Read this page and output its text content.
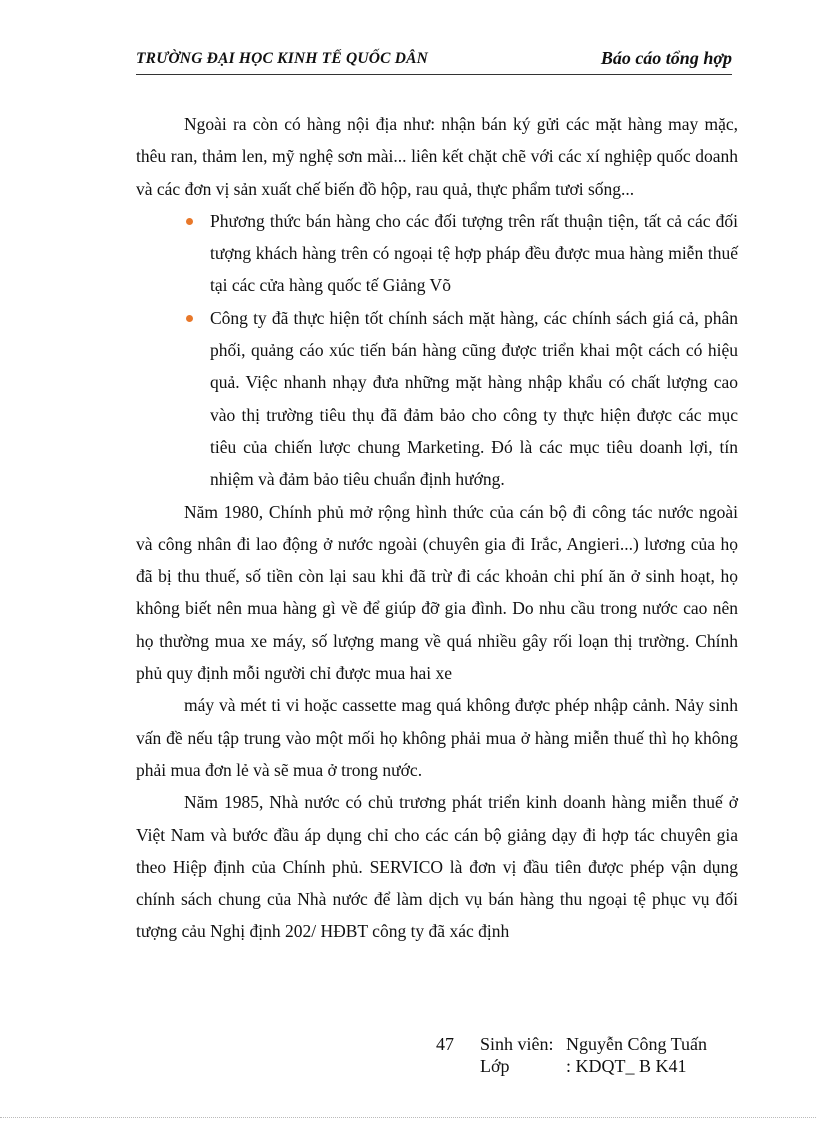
TRƯỜNG ĐẠI HỌC KINH TẾ QUỐC DÂN	Báo cáo tổng hợp

Ngoài ra còn có hàng nội địa như: nhận bán ký gửi các mặt hàng may mặc, thêu ran, thảm len, mỹ nghệ sơn mài... liên kết chặt chẽ với các xí nghiệp quốc doanh và các đơn vị sản xuất chế biến đồ hộp, rau quả, thực phẩm tươi sống...

Phương thức bán hàng cho các đối tượng trên rất thuận tiện, tất cả các đối tượng khách hàng trên có ngoại tệ hợp pháp đều được mua hàng miễn thuế tại các cửa hàng quốc tế Giảng Võ
Công ty đã thực hiện tốt chính sách mặt hàng, các chính sách giá cả, phân phối, quảng cáo xúc tiến bán hàng cũng được triển khai một cách có hiệu quả. Việc nhanh nhạy đưa những mặt hàng nhập khẩu có chất lượng cao vào thị trường tiêu thụ đã đảm bảo cho công ty thực hiện được các mục tiêu của chiến lược chung Marketing. Đó là các mục tiêu doanh lợi, tín nhiệm và đảm bảo tiêu chuẩn định hướng.

Năm 1980, Chính phủ mở rộng hình thức của cán bộ đi công tác nước ngoài và công nhân đi lao động ở nước ngoài (chuyên gia đi Irắc, Angieri...) lương của họ đã bị thu thuế, số tiền còn lại sau khi đã trừ đi các khoản chi phí ăn ở sinh hoạt, họ không biết nên mua hàng gì về để giúp đỡ gia đình. Do nhu cầu trong nước cao nên họ thường mua xe máy, số lượng mang về quá nhiều gây rối loạn thị trường. Chính phủ quy định mỗi người chỉ được mua hai xe

máy và mét ti vi hoặc cassette mag quá không được phép nhập cảnh. Nảy sinh vấn đề nếu tập trung vào một mối họ không phải mua ở hàng miễn thuế thì họ không phải mua đơn lẻ và sẽ mua ở trong nước.

Năm 1985, Nhà nước có chủ trương phát triển kinh doanh hàng miễn thuế ở Việt Nam và bước đầu áp dụng chỉ cho các cán bộ giảng dạy đi hợp tác chuyên gia theo Hiệp định của Chính phủ. SERVICO là đơn vị đầu tiên được phép vận dụng chính sách chung của Nhà nước để làm dịch vụ bán hàng thu ngoại tệ phục vụ đối tượng cảu Nghị định 202/ HĐBT công ty đã xác định

47 Sinh viên: Nguyễn Công Tuấn
Lớp	: KDQT_ B K41
